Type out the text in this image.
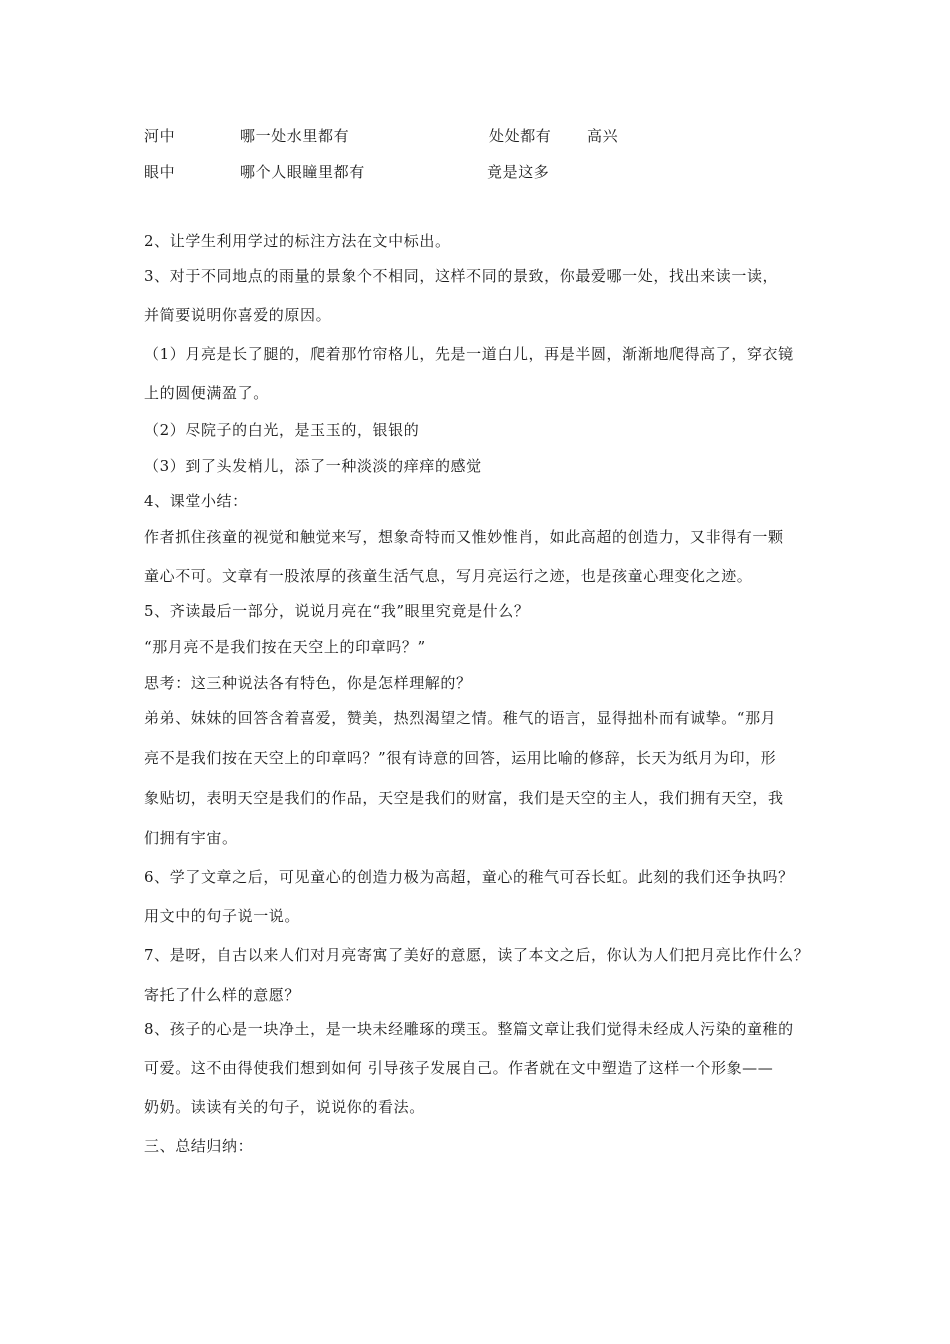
河中	哪一处水里都有	处处都有 高兴
眼中	哪个人眼瞳里都有	竟是这多
2、让学生利用学过的标注方法在文中标出。
3、对于不同地点的雨量的景象个不相同，这样不同的景致，你最爱哪一处，找出来读一读，
并简要说明你喜爱的原因。
（1）月亮是长了腿的，爬着那竹帘格儿，先是一道白儿，再是半圆，渐渐地爬得高了，穿衣镜
上的圆便满盈了。
（2）尽院子的白光，是玉玉的，银银的
（3）到了头发梢儿，添了一种淡淡的痒痒的感觉
4、课堂小结：
作者抓住孩童的视觉和触觉来写，想象奇特而又惟妙惟肖，如此高超的创造力，又非得有一颗
童心不可。文章有一股浓厚的孩童生活气息，写月亮运行之迹，也是孩童心理变化之迹。
5、齐读最后一部分，说说月亮在“我”眼里究竟是什么？
“那月亮不是我们按在天空上的印章吗？”
思考：这三种说法各有特色，你是怎样理解的？
弟弟、妹妹的回答含着喜爱，赞美，热烈渴望之情。稚气的语言，显得拙朴而有诚挚。“那月
亮不是我们按在天空上的印章吗？”很有诗意的回答，运用比喻的修辞，长天为纸月为印，形
象贴切，表明天空是我们的作品，天空是我们的财富，我们是天空的主人，我们拥有天空，我
们拥有宇宙。
6、学了文章之后，可见童心的创造力极为高超，童心的稚气可吞长虹。此刻的我们还争执吗？
用文中的句子说一说。
7、是呀，自古以来人们对月亮寄寓了美好的意愿，读了本文之后，你认为人们把月亮比作什么？
寄托了什么样的意愿？
8、孩子的心是一块净土，是一块未经雕琢的璞玉。整篇文章让我们觉得未经成人污染的童稚的
可爱。这不由得使我们想到如何 引导孩子发展自己。作者就在文中塑造了这样一个形象——
奶奶。读读有关的句子，说说你的看法。
三、总结归纳：
